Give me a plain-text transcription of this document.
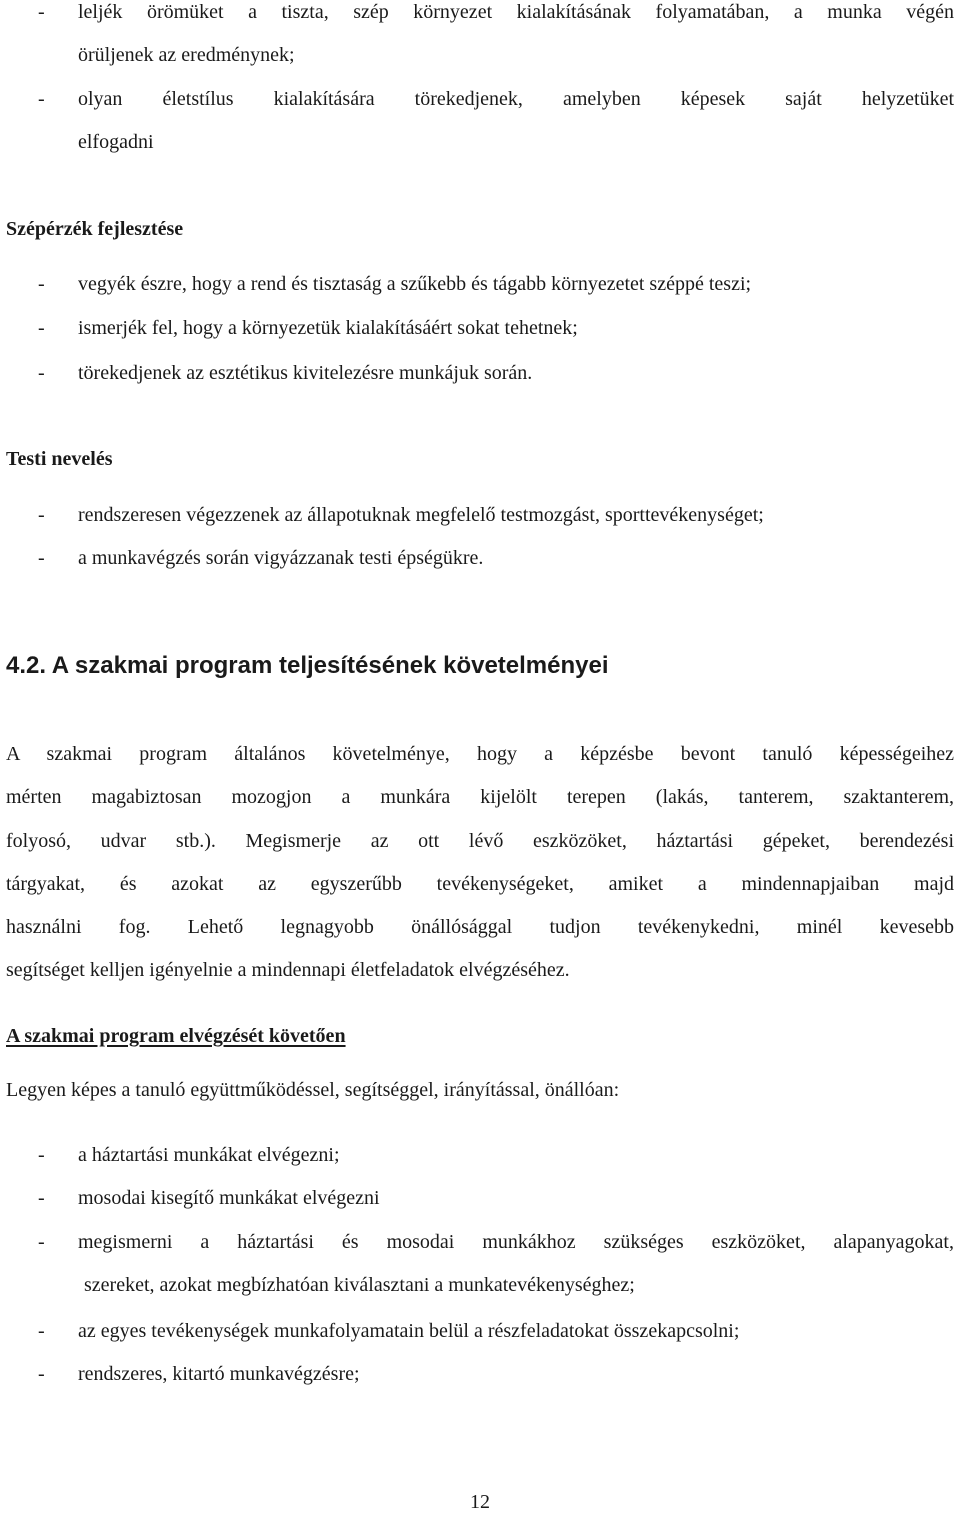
- leljék örömüket a tiszta, szép környezet kialakításának folyamatában, a munka végén
örüljenek az eredménynek;
- olyan életstílus kialakítására törekedjenek, amelyben képesek saját helyzetüket
elfogadni
Szépérzék fejlesztése
- vegyék észre, hogy a rend és tisztaság a szűkebb és tágabb környezetet széppé teszi;
- ismerjék fel, hogy a környezetük kialakításáért sokat tehetnek;
- törekedjenek az esztétikus kivitelezésre munkájuk során.
Testi nevelés
- rendszeresen végezzenek az állapotuknak megfelelő testmozgást, sporttevékenységet;
- a munkavégzés során vigyázzanak testi épségükre.
4.2. A szakmai program teljesítésének követelményei
A szakmai program általános követelménye, hogy a képzésbe bevont tanuló képességeihez
mérten magabiztosan mozogjon a munkára kijelölt terepen (lakás, tanterem, szaktanterem,
folyosó, udvar stb.). Megismerje az ott lévő eszközöket, háztartási gépeket, berendezési
tárgyakat, és azokat az egyszerűbb tevékenységeket, amiket a mindennapjaiban majd
használni fog. Lehető legnagyobb önállósággal tudjon tevékenykedni, minél kevesebb
segítséget kelljen igényelnie a mindennapi életfeladatok elvégzéséhez.
A szakmai program elvégzését követően
Legyen képes a tanuló együttműködéssel, segítséggel, irányítással, önállóan:
- a háztartási munkákat elvégezni;
- mosodai kisegítő munkákat elvégezni
- megismerni a háztartási és mosodai munkákhoz szükséges eszközöket, alapanyagokat,
szereket, azokat megbízhatóan kiválasztani a munkatevékenységhez;
- az egyes tevékenységek munkafolyamatain belül a részfeladatokat összekapcsolni;
- rendszeres, kitartó munkavégzésre;
12
